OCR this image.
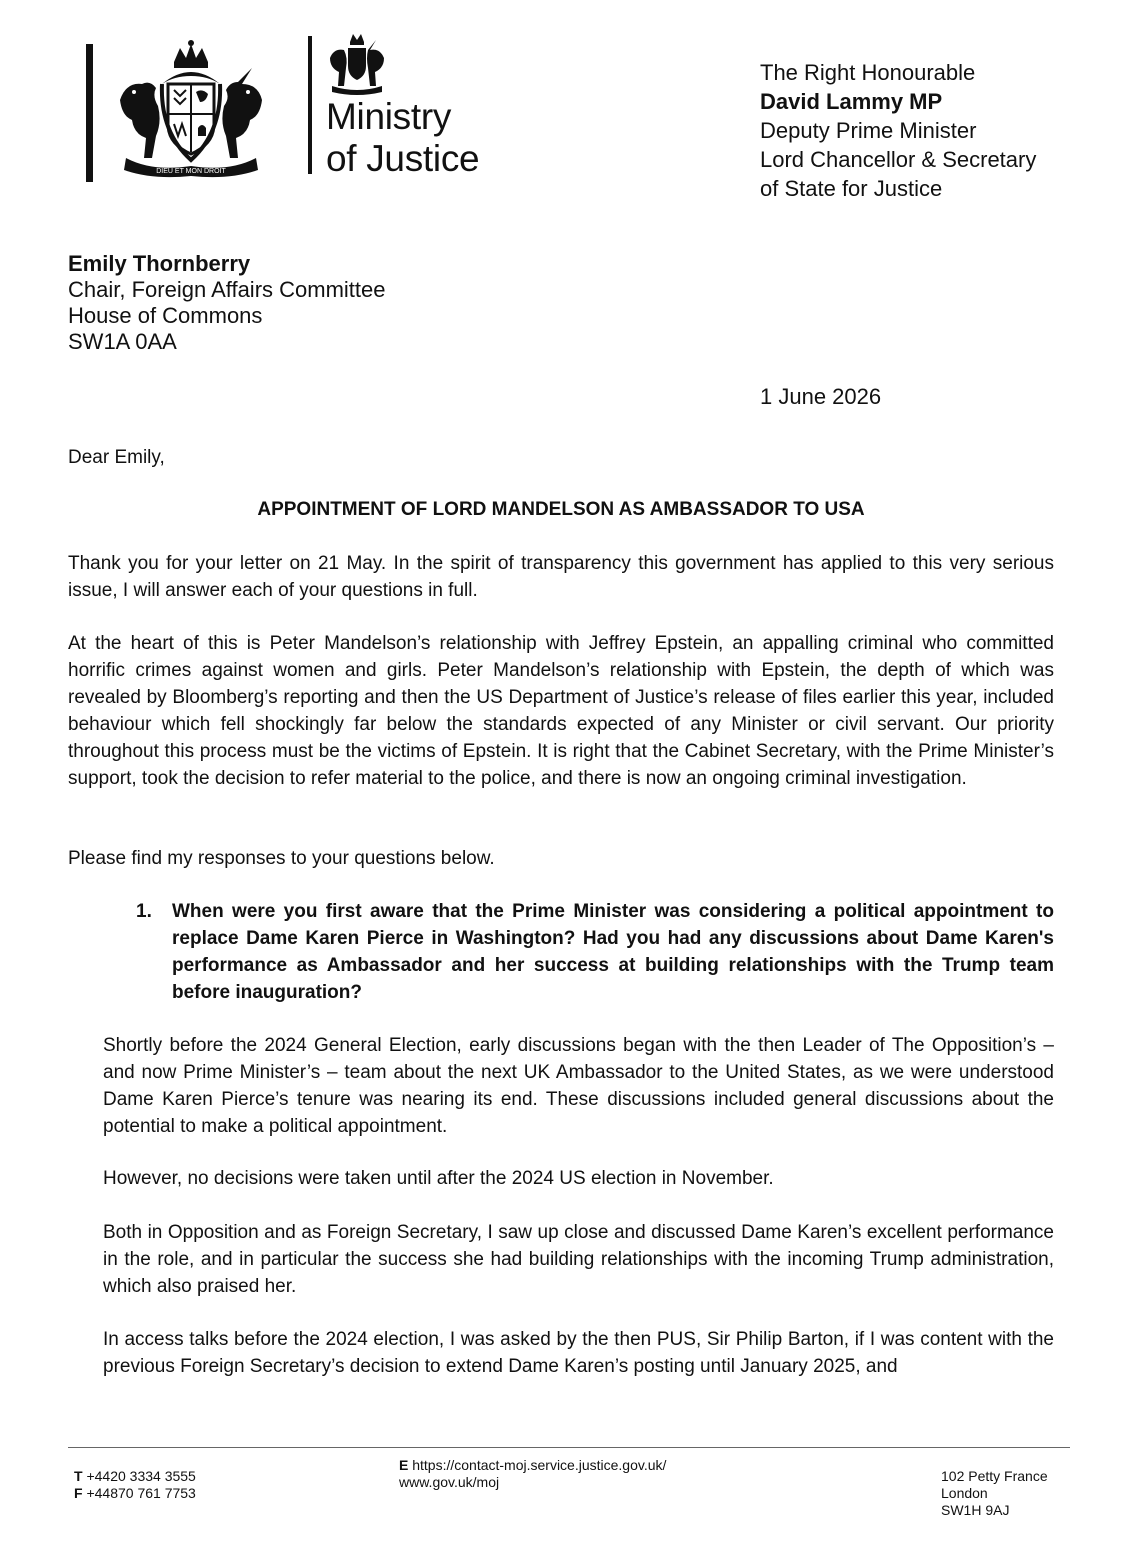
DIEU ET MON DROIT
Ministry
of Justice
The Right Honourable
David Lammy MP
Deputy Prime Minister
Lord Chancellor & Secretary
of State for Justice
Emily Thornberry
Chair, Foreign Affairs Committee
House of Commons
SW1A 0AA
1 June 2026
Dear Emily,
APPOINTMENT OF LORD MANDELSON AS AMBASSADOR TO USA
Thank you for your letter on 21 May. In the spirit of transparency this government has applied to this very serious issue, I will answer each of your questions in full.
At the heart of this is Peter Mandelson’s relationship with Jeffrey Epstein, an appalling criminal who committed horrific crimes against women and girls. Peter Mandelson’s relationship with Epstein, the depth of which was revealed by Bloomberg’s reporting and then the US Department of Justice’s release of files earlier this year, included behaviour which fell shockingly far below the standards expected of any Minister or civil servant. Our priority throughout this process must be the victims of Epstein. It is right that the Cabinet Secretary, with the Prime Minister’s support, took the decision to refer material to the police, and there is now an ongoing criminal investigation.
Please find my responses to your questions below.
1. When were you first aware that the Prime Minister was considering a political appointment to replace Dame Karen Pierce in Washington? Had you had any discussions about Dame Karen's performance as Ambassador and her success at building relationships with the Trump team before inauguration?
Shortly before the 2024 General Election, early discussions began with the then Leader of The Opposition’s – and now Prime Minister’s – team about the next UK Ambassador to the United States, as we were understood Dame Karen Pierce’s tenure was nearing its end. These discussions included general discussions about the potential to make a political appointment.
However, no decisions were taken until after the 2024 US election in November.
Both in Opposition and as Foreign Secretary, I saw up close and discussed Dame Karen’s excellent performance in the role, and in particular the success she had building relationships with the incoming Trump administration, which also praised her.
In access talks before the 2024 election, I was asked by the then PUS, Sir Philip Barton, if I was content with the previous Foreign Secretary’s decision to extend Dame Karen’s posting until January 2025, and
T +4420 3334 3555
F +44870 761 7753
E https://contact-moj.service.justice.gov.uk/
www.gov.uk/moj	102 Petty France
London
SW1H 9AJ
